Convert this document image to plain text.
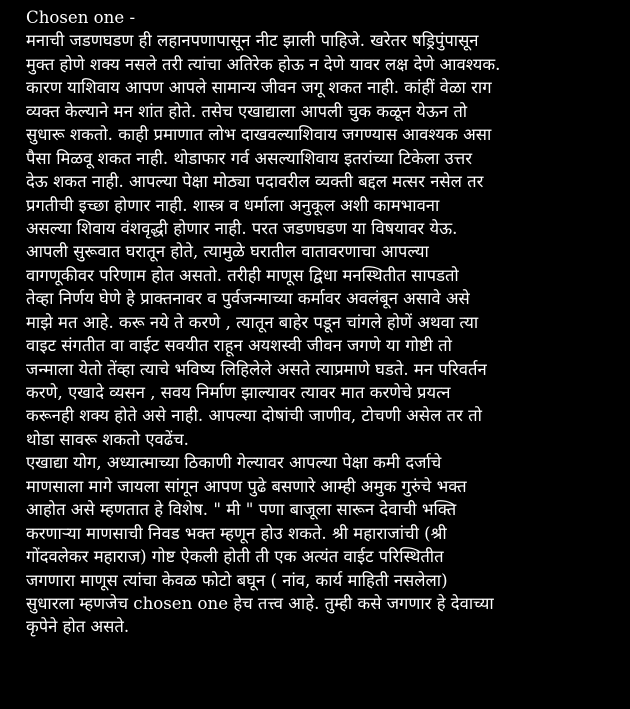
Chosen one -
मनाची जडणघडण ही लहानपणापासून नीट झाली पाहिजे. खरेतर षड्रिपुंपासून
मुक्त होणे शक्य नसले तरी त्यांचा अतिरेक होऊ न देणे यावर लक्ष देणे आवश्यक.
कारण याशिवाय आपण आपले सामान्य जीवन जगू शकत नाही. कांहीं वेळा राग
व्यक्त केल्याने मन शांत होते. तसेच एखाद्याला आपली चुक कळून येऊन तो
सुधारू शकतो. काही प्रमाणात लोभ दाखवल्याशिवाय जगण्यास आवश्यक असा
पैसा मिळवू शकत नाही. थोडाफार गर्व असल्याशिवाय इतरांच्या टिकेला उत्तर
देऊ शकत नाही. आपल्या पेक्षा मोठ्या पदावरील व्यक्ती बद्दल मत्सर नसेल तर
प्रगतीची इच्छा होणार नाही. शास्त्र व धर्माला अनुकूल अशी कामभावना
असल्या शिवाय वंशवृद्धी होणार नाही. परत जडणघडण या विषयावर येऊ.
आपली सुरूवात घरातून होते, त्यामुळे घरातील वातावरणाचा आपल्या
वागणूकीवर परिणाम होत असतो. तरीही माणूस द्विधा मनस्थितीत सापडतो
तेव्हा निर्णय घेणे हे प्राक्तनावर व पुर्वजन्माच्या कर्मावर अवलंबून असावे असे
माझे मत आहे. करू नये ते करणे , त्यातून बाहेर पडून चांगले होणें अथवा त्या
वाइट संगतीत वा वाईट सवयीत राहून अयशस्वी जीवन जगणे या गोष्टी तो
जन्माला येतो तेंव्हा त्याचे भविष्य लिहिलेले असते त्याप्रमाणे घडते. मन परिवर्तन
करणे, एखादे व्यसन , सवय निर्माण झाल्यावर त्यावर मात करणेचे प्रयत्न
करूनही शक्य होते असे नाही. आपल्या दोषांची जाणीव, टोचणी असेल तर तो
थोडा सावरू शकतो एवढेंच.
एखाद्या योग, अध्यात्माच्या ठिकाणी गेल्यावर आपल्या पेक्षा कमी दर्जाचे
माणसाला मागे जायला सांगून आपण पुढे बसणारे आम्ही अमुक गुरुंचे भक्त
आहोत असे म्हणतात हे विशेष. " मी " पणा बाजूला सारून देवाची भक्ति
करणाऱ्या माणसाची निवड भक्त म्हणून होउ शकते. श्री महाराजांची (श्री
गोंदवलेकर महाराज) गोष्ट ऐकली होती ती एक अत्यंत वाईट परिस्थितीत
जगणारा माणूस त्यांचा केवळ फोटो बघून ( नांव, कार्य माहिती नसलेला)
सुधारला म्हणजेच chosen one हेच तत्त्व आहे. तुम्ही कसे जगणार हे देवाच्या
कृपेने होत असते.
